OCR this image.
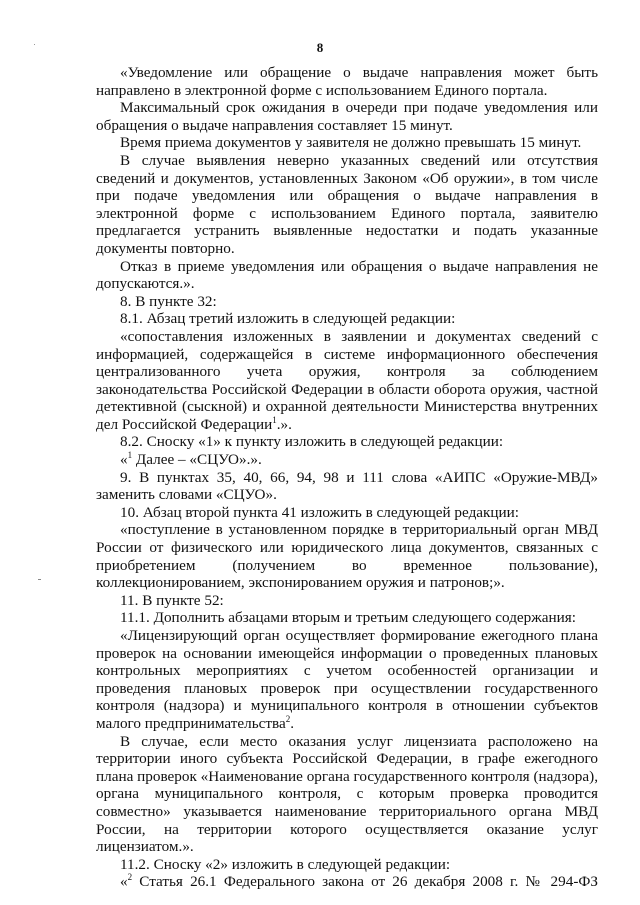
8

«Уведомление или обращение о выдаче направления может быть направлено в электронной форме с использованием Единого портала.

Максимальный срок ожидания в очереди при подаче уведомления или обращения о выдаче направления составляет 15 минут.

Время приема документов у заявителя не должно превышать 15 минут.

В случае выявления неверно указанных сведений или отсутствия сведений и документов, установленных Законом «Об оружии», в том числе при подаче уведомления или обращения о выдаче направления в электронной форме с использованием Единого портала, заявителю предлагается устранить выявленные недостатки и подать указанные документы повторно.

Отказ в приеме уведомления или обращения о выдаче направления не допускаются.».

8. В пункте 32:

8.1. Абзац третий изложить в следующей редакции:

«сопоставления изложенных в заявлении и документах сведений с информацией, содержащейся в системе информационного обеспечения централизованного учета оружия, контроля за соблюдением законодательства Российской Федерации в области оборота оружия, частной детективной (сыскной) и охранной деятельности Министерства внутренних дел Российской Федерации$^1$.».

8.2. Сноску «1» к пункту изложить в следующей редакции:

«$^1$ Далее – «СЦУО».».

9. В пунктах 35, 40, 66, 94, 98 и 111 слова «АИПС «Оружие-МВД» заменить словами «СЦУО».

10. Абзац второй пункта 41 изложить в следующей редакции:

«поступление в установленном порядке в территориальный орган МВД России от физического или юридического лица документов, связанных с приобретением (получением во временное пользование), коллекционированием, экспонированием оружия и патронов;».

11. В пункте 52:

11.1. Дополнить абзацами вторым и третьим следующего содержания:

«Лицензирующий орган осуществляет формирование ежегодного плана проверок на основании имеющейся информации о проведенных плановых контрольных мероприятиях с учетом особенностей организации и проведения плановых проверок при осуществлении государственного контроля (надзора) и муниципального контроля в отношении субъектов малого предпринимательства$^2$.

В случае, если место оказания услуг лицензиата расположено на территории иного субъекта Российской Федерации, в графе ежегодного плана проверок «Наименование органа государственного контроля (надзора), органа муниципального контроля, с которым проверка проводится совместно» указывается наименование территориального органа МВД России, на территории которого осуществляется оказание услуг лицензиатом.».

11.2. Сноску «2» изложить в следующей редакции:

«$^2$ Статья 26.1 Федерального закона от 26 декабря 2008 г. № 294-ФЗ
